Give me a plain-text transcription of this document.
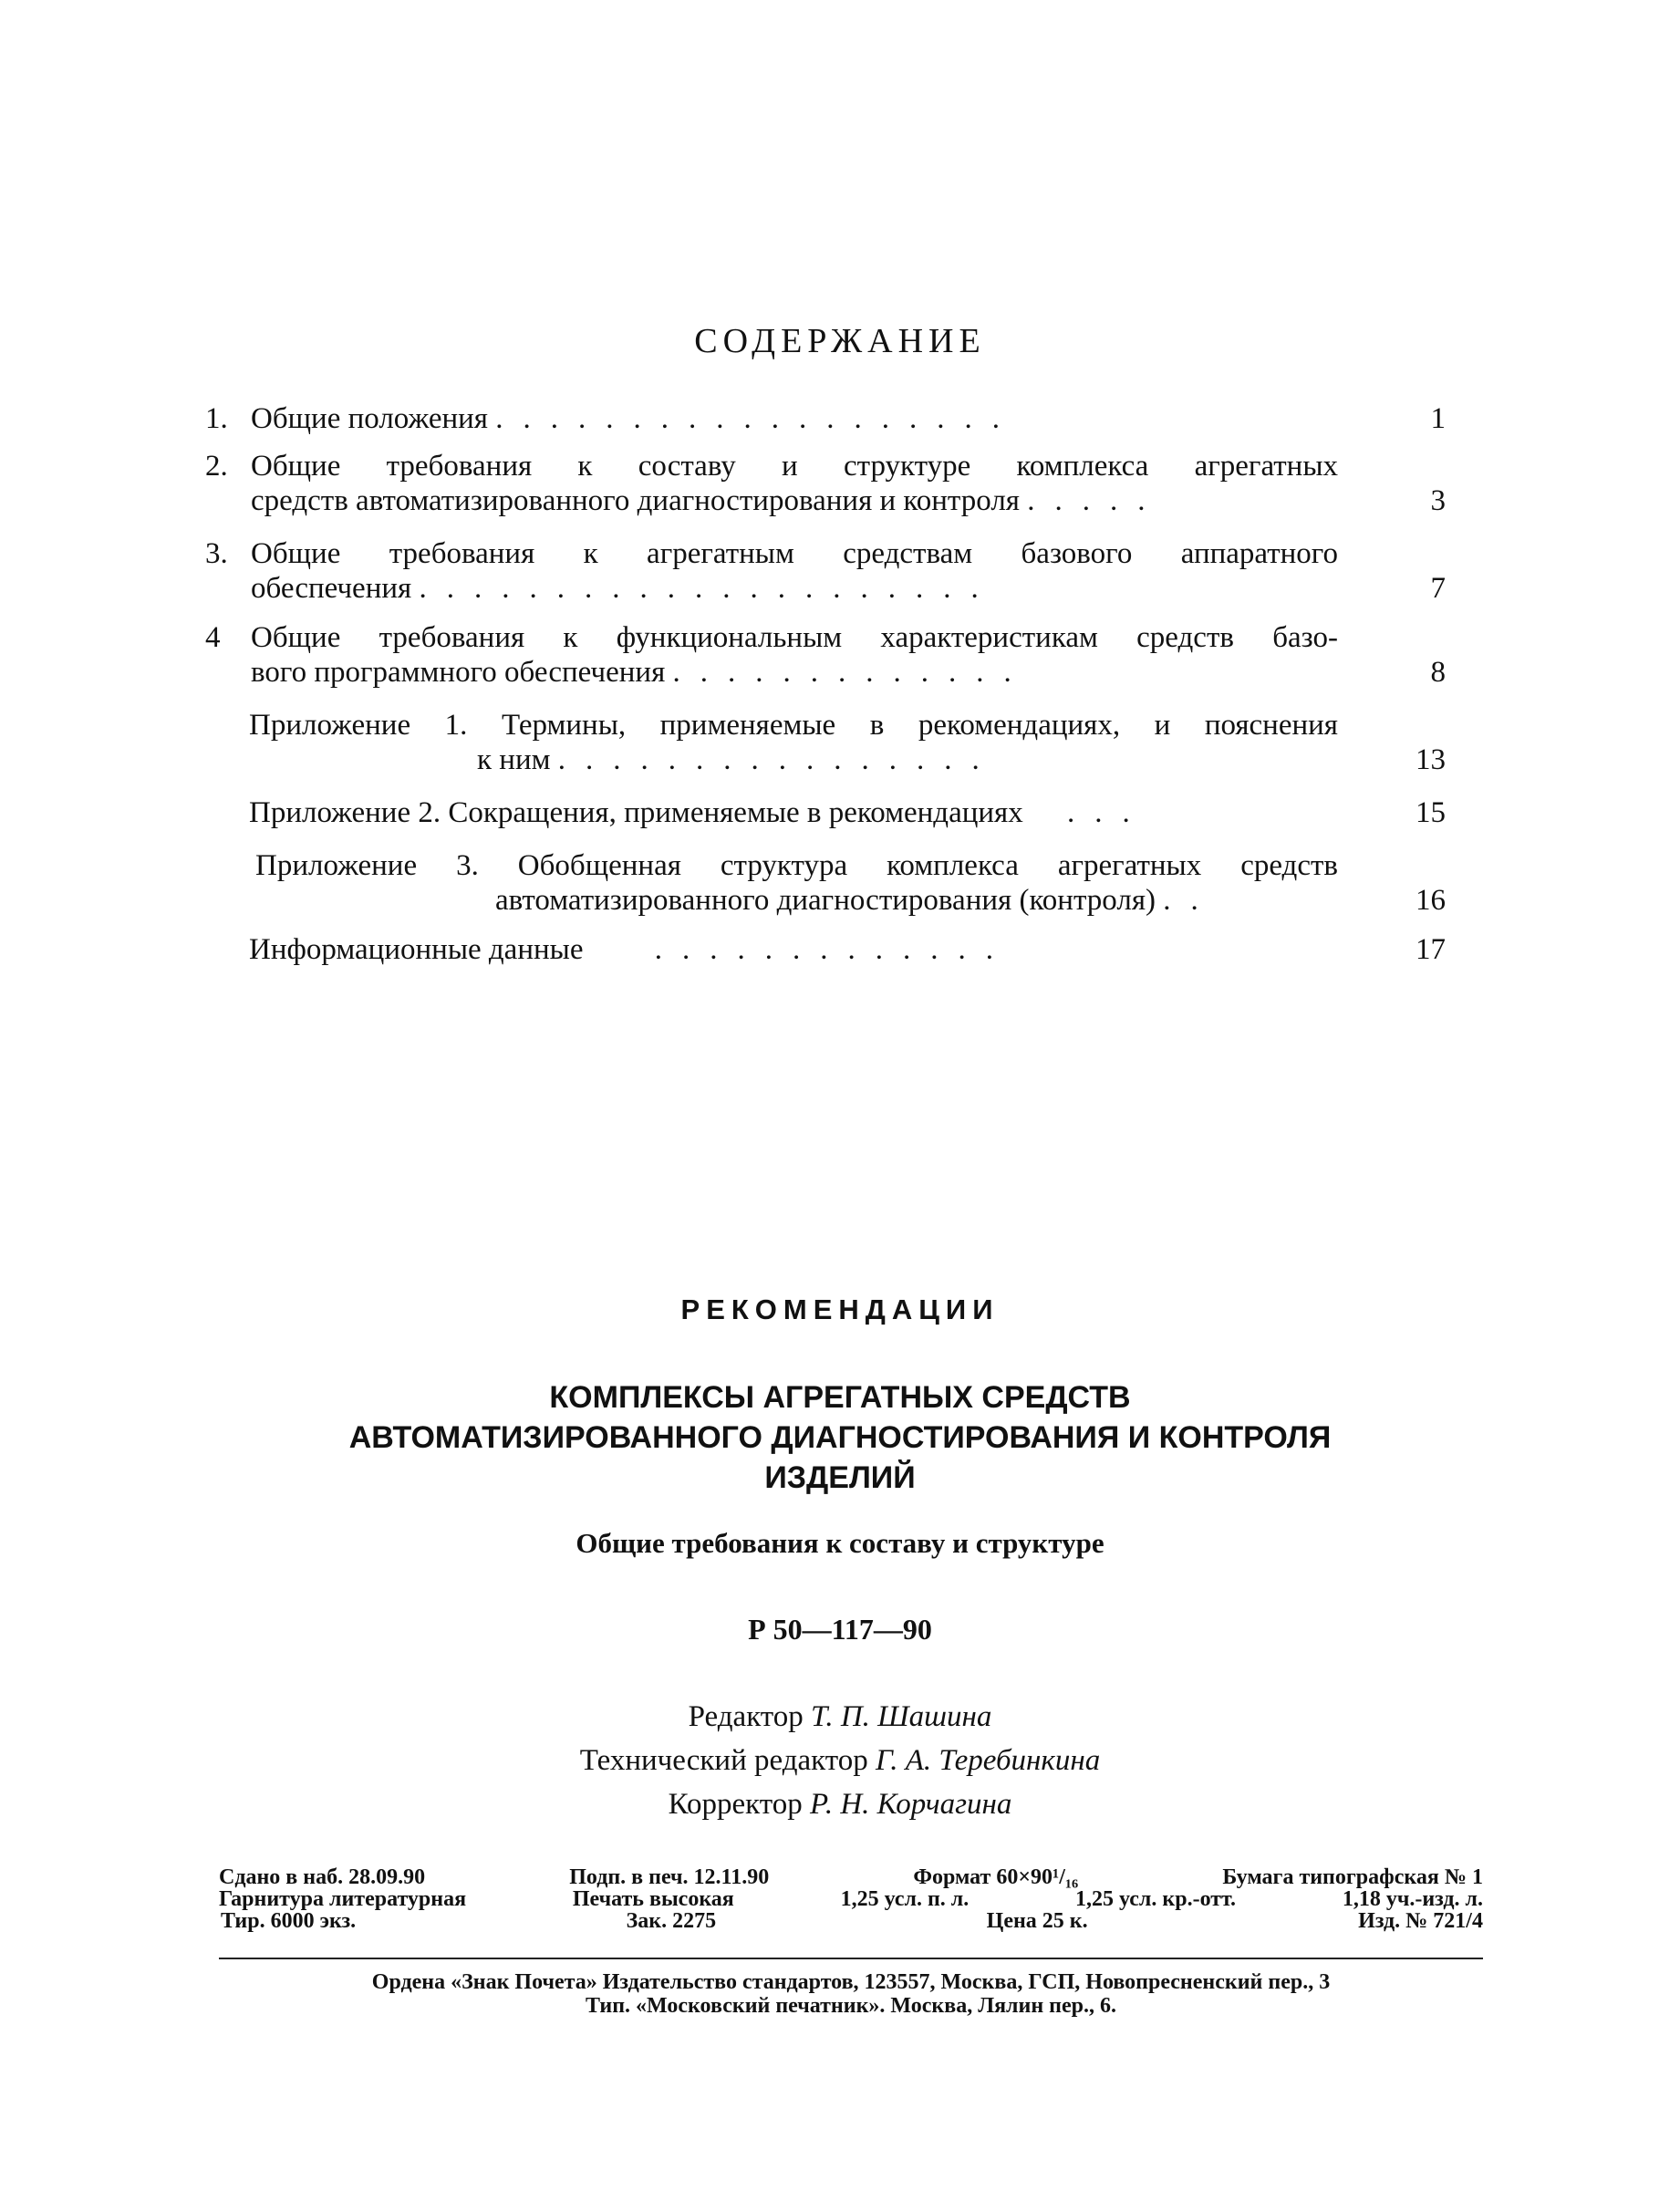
СОДЕРЖАНИЕ
1. Общие положения ...................	1
2. Общие требования к составу и структуре комплекса агрегатных
средств автоматизированного диагностирования и контроля .....	3
3. Общие требования к агрегатным средствам базового аппаратного
обеспечения .....................	7
4	Общие требования к функциональным характеристикам средств базо-
вого программного обеспечения .............	8
Приложение 1. Термины, применяемые в рекомендациях, и пояснения
к ним ................	13
Приложение 2. Сокращения, применяемые в рекомендациях ...	15
Приложение 3. Обобщенная структура комплекса агрегатных средств
автоматизированного диагностирования (контроля) ..	16
Информационные данные .............	17
РЕКОМЕНДАЦИИ
КОМПЛЕКСЫ АГРЕГАТНЫХ СРЕДСТВ
АВТОМАТИЗИРОВАННОГО ДИАГНОСТИРОВАНИЯ И КОНТРОЛЯ
ИЗДЕЛИЙ
Общие требования к составу и структуре
Р 50—117—90
Редактор Т. П. Шашина
Технический редактор Г. А. Теребинкина
Корректор Р. Н. Корчагина
Сдано в наб. 28.09.90	Подп. в печ. 12.11.90	Формат 60×90¹/₁₆	Бумага типографская № 1
Гарнитура литературная	Печать высокая	1,25 усл. п. л.	1,25 усл. кр.-отт.	1,18 уч.-изд. л.
Тир. 6000 экз.	Зак. 2275	Цена 25 к.	Изд. № 721/4
Ордена «Знак Почета» Издательство стандартов, 123557, Москва, ГСП, Новопресненский пер., 3
Тип. «Московский печатник». Москва, Лялин пер., 6.
